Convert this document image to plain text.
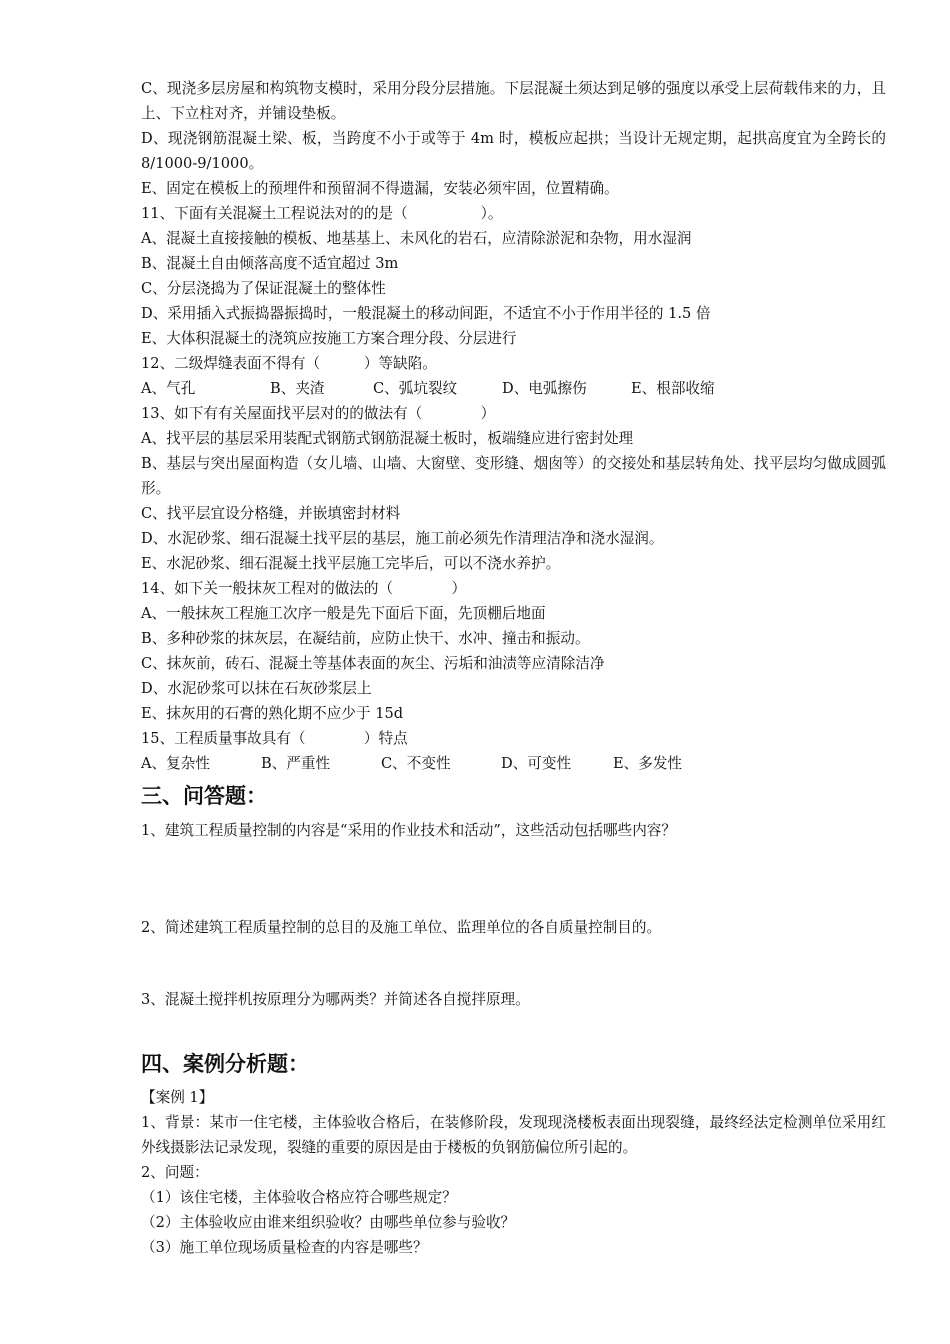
C、现浇多层房屋和构筑物支模时，采用分段分层措施。下层混凝土须达到足够的强度以承受上层荷载伟来的力，且上、下立柱对齐，并铺设垫板。

D、现浇钢筋混凝土梁、板，当跨度不小于或等于 4m 时，模板应起拱；当设计无规定期，起拱高度宜为全跨长的 8/1000-9/1000。

E、固定在模板上的预埋件和预留洞不得遗漏，安装必须牢固，位置精确。

11、下面有关混凝土工程说法对的的是（　　　　　）。

A、混凝土直接接触的模板、地基基上、未风化的岩石，应清除淤泥和杂物，用水湿润

B、混凝土自由倾落高度不适宜超过 3m

C、分层浇捣为了保证混凝土的整体性

D、采用插入式振捣器振捣时，一般混凝土的移动间距，不适宜不小于作用半径的 1.5 倍

E、大体积混凝土的浇筑应按施工方案合理分段、分层进行

12、二级焊缝表面不得有（　　　）等缺陷。

A、气孔	B、夹渣	C、弧坑裂纹	D、电弧擦伤	E、根部收缩

13、如下有有关屋面找平层对的的做法有（　　　　）

A、找平层的基层采用装配式钢筋式钢筋混凝土板时，板端缝应进行密封处理

B、基层与突出屋面构造（女儿墙、山墙、大窗壁、变形缝、烟囱等）的交接处和基层转角处、找平层均匀做成圆弧形。

C、找平层宜设分格缝，并嵌填密封材料

D、水泥砂浆、细石混凝土找平层的基层，施工前必须先作清理洁净和浇水湿润。

E、水泥砂浆、细石混凝土找平层施工完毕后，可以不浇水养护。

14、如下关一般抹灰工程对的做法的（　　　　）

A、一般抹灰工程施工次序一般是先下面后下面，先顶棚后地面

B、多种砂浆的抹灰层，在凝结前，应防止快干、水冲、撞击和振动。

C、抹灰前，砖石、混凝土等基体表面的灰尘、污垢和油渍等应清除洁净

D、水泥砂浆可以抹在石灰砂浆层上

E、抹灰用的石膏的熟化期不应少于 15d

15、工程质量事故具有（　　　　）特点

A、复杂性	B、严重性	C、不变性	D、可变性	E、多发性
三、问答题：

1、建筑工程质量控制的内容是“采用的作业技术和活动”，这些活动包括哪些内容？

2、简述建筑工程质量控制的总目的及施工单位、监理单位的各自质量控制目的。

3、混凝土搅拌机按原理分为哪两类？并简述各自搅拌原理。

四、案例分析题：

【案例 1】

1、背景：某市一住宅楼，主体验收合格后，在装修阶段，发现现浇楼板表面出现裂缝，最终经法定检测单位采用红外线摄影法记录发现，裂缝的重要的原因是由于楼板的负钢筋偏位所引起的。

2、问题：

（1）该住宅楼，主体验收合格应符合哪些规定？

（2）主体验收应由谁来组织验收？由哪些单位参与验收？

（3）施工单位现场质量检查的内容是哪些？
